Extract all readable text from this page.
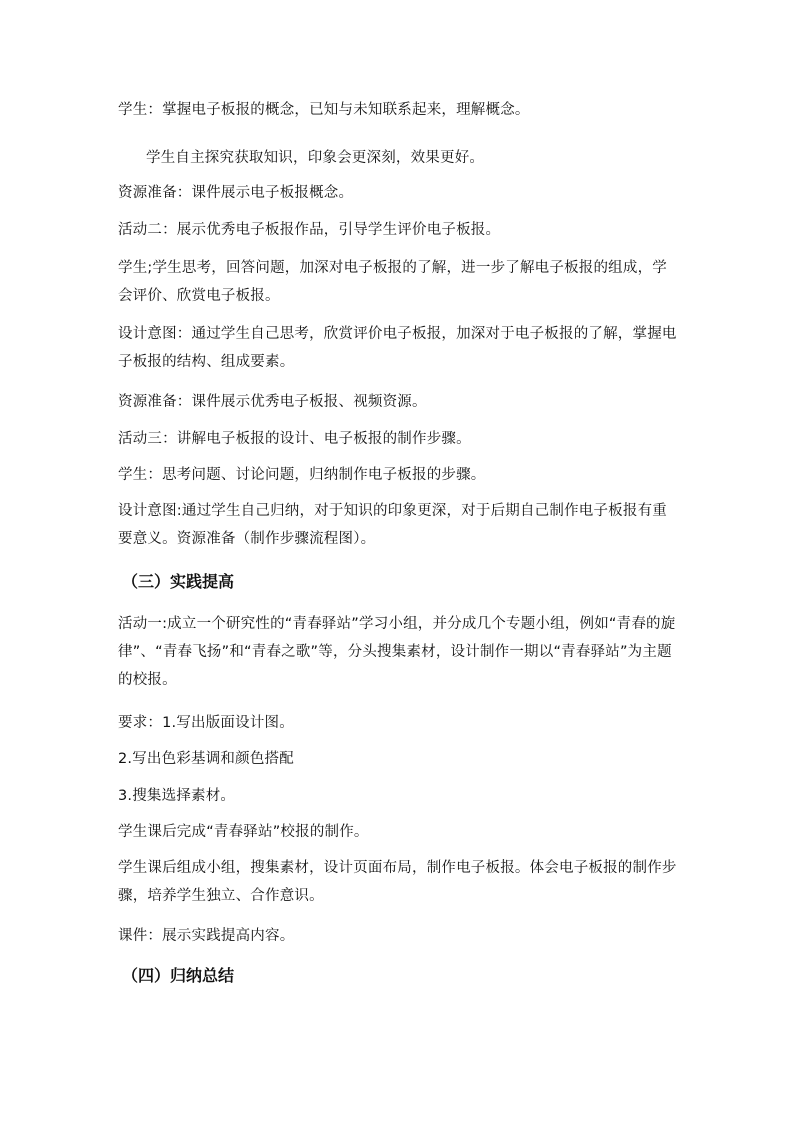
学生：掌握电子板报的概念，已知与未知联系起来，理解概念。

学生自主探究获取知识，印象会更深刻，效果更好。

资源准备：课件展示电子板报概念。

活动二：展示优秀电子板报作品，引导学生评价电子板报。

学生;学生思考，回答问题，加深对电子板报的了解，进一步了解电子板报的组成，学会评价、欣赏电子板报。

设计意图：通过学生自己思考，欣赏评价电子板报，加深对于电子板报的了解，掌握电子板报的结构、组成要素。

资源准备：课件展示优秀电子板报、视频资源。

活动三：讲解电子板报的设计、电子板报的制作步骤。

学生：思考问题、讨论问题，归纳制作电子板报的步骤。

设计意图:通过学生自己归纳，对于知识的印象更深，对于后期自己制作电子板报有重要意义。资源准备（制作步骤流程图）。

（三）实践提高

活动一:成立一个研究性的“青春驿站”学习小组，并分成几个专题小组，例如“青春的旋律”、“青春飞扬”和“青春之歌”等，分头搜集素材，设计制作一期以“青春驿站”为主题的校报。

要求：1.写出版面设计图。

2.写出色彩基调和颜色搭配

3.搜集选择素材。

学生课后完成“青春驿站”校报的制作。

学生课后组成小组，搜集素材，设计页面布局，制作电子板报。体会电子板报的制作步骤，培养学生独立、合作意识。

课件：展示实践提高内容。

（四）归纳总结
